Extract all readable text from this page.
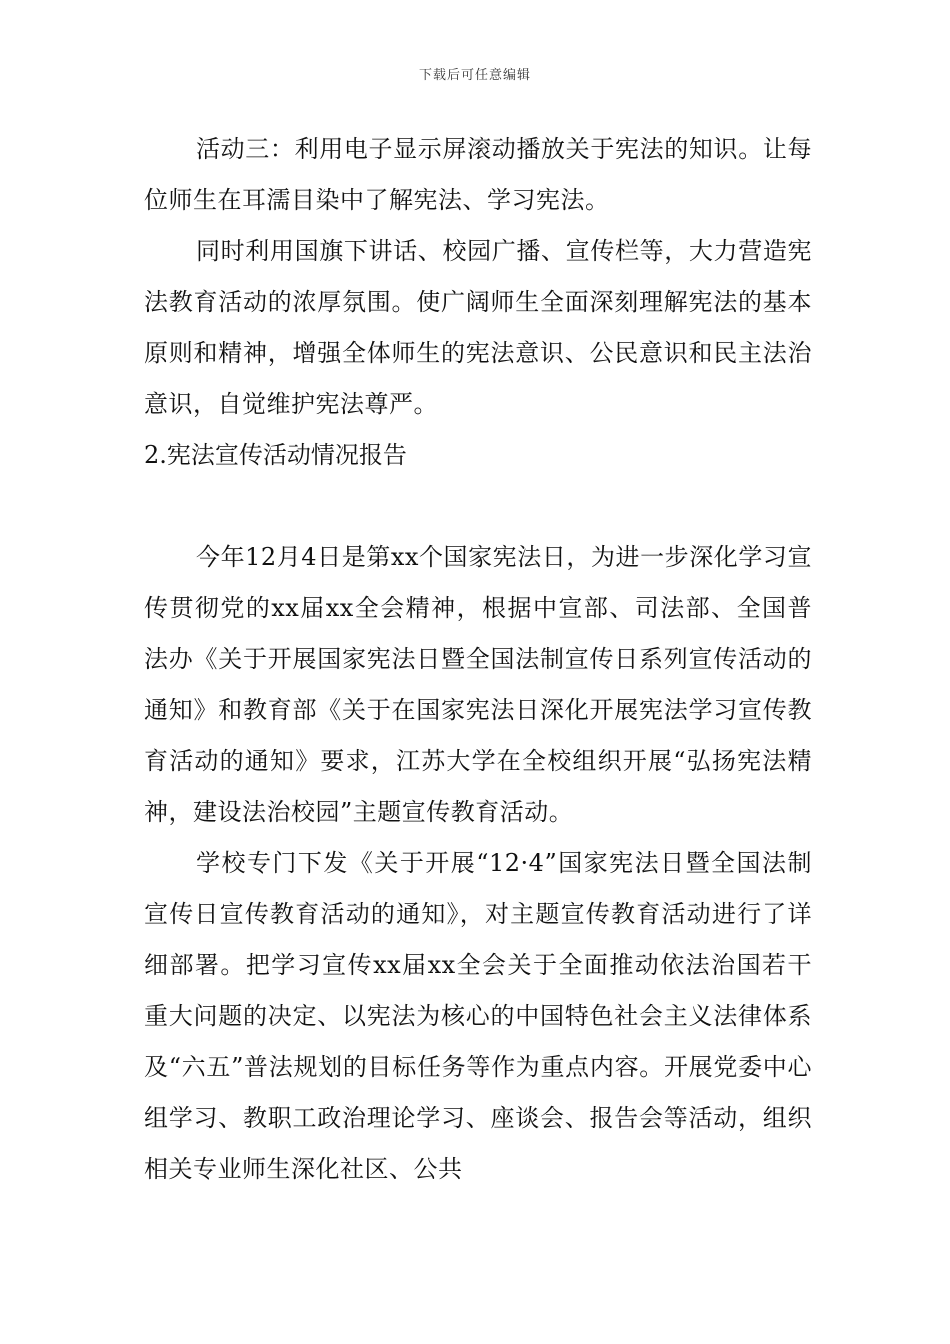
下载后可任意编辑

活动三：利用电子显示屏滚动播放关于宪法的知识。让每位师生在耳濡目染中了解宪法、学习宪法。

同时利用国旗下讲话、校园广播、宣传栏等，大力营造宪法教育活动的浓厚氛围。使广阔师生全面深刻理解宪法的基本原则和精神，增强全体师生的宪法意识、公民意识和民主法治意识，自觉维护宪法尊严。

2.宪法宣传活动情况报告

今年12月4日是第xx个国家宪法日，为进一步深化学习宣传贯彻党的xx届xx全会精神，根据中宣部、司法部、全国普法办《关于开展国家宪法日暨全国法制宣传日系列宣传活动的通知》和教育部《关于在国家宪法日深化开展宪法学习宣传教育活动的通知》要求，江苏大学在全校组织开展“弘扬宪法精神，建设法治校园”主题宣传教育活动。

学校专门下发《关于开展“12·4”国家宪法日暨全国法制宣传日宣传教育活动的通知》，对主题宣传教育活动进行了详细部署。把学习宣传xx届xx全会关于全面推动依法治国若干重大问题的决定、以宪法为核心的中国特色社会主义法律体系及“六五”普法规划的目标任务等作为重点内容。开展党委中心组学习、教职工政治理论学习、座谈会、报告会等活动，组织相关专业师生深化社区、公共
